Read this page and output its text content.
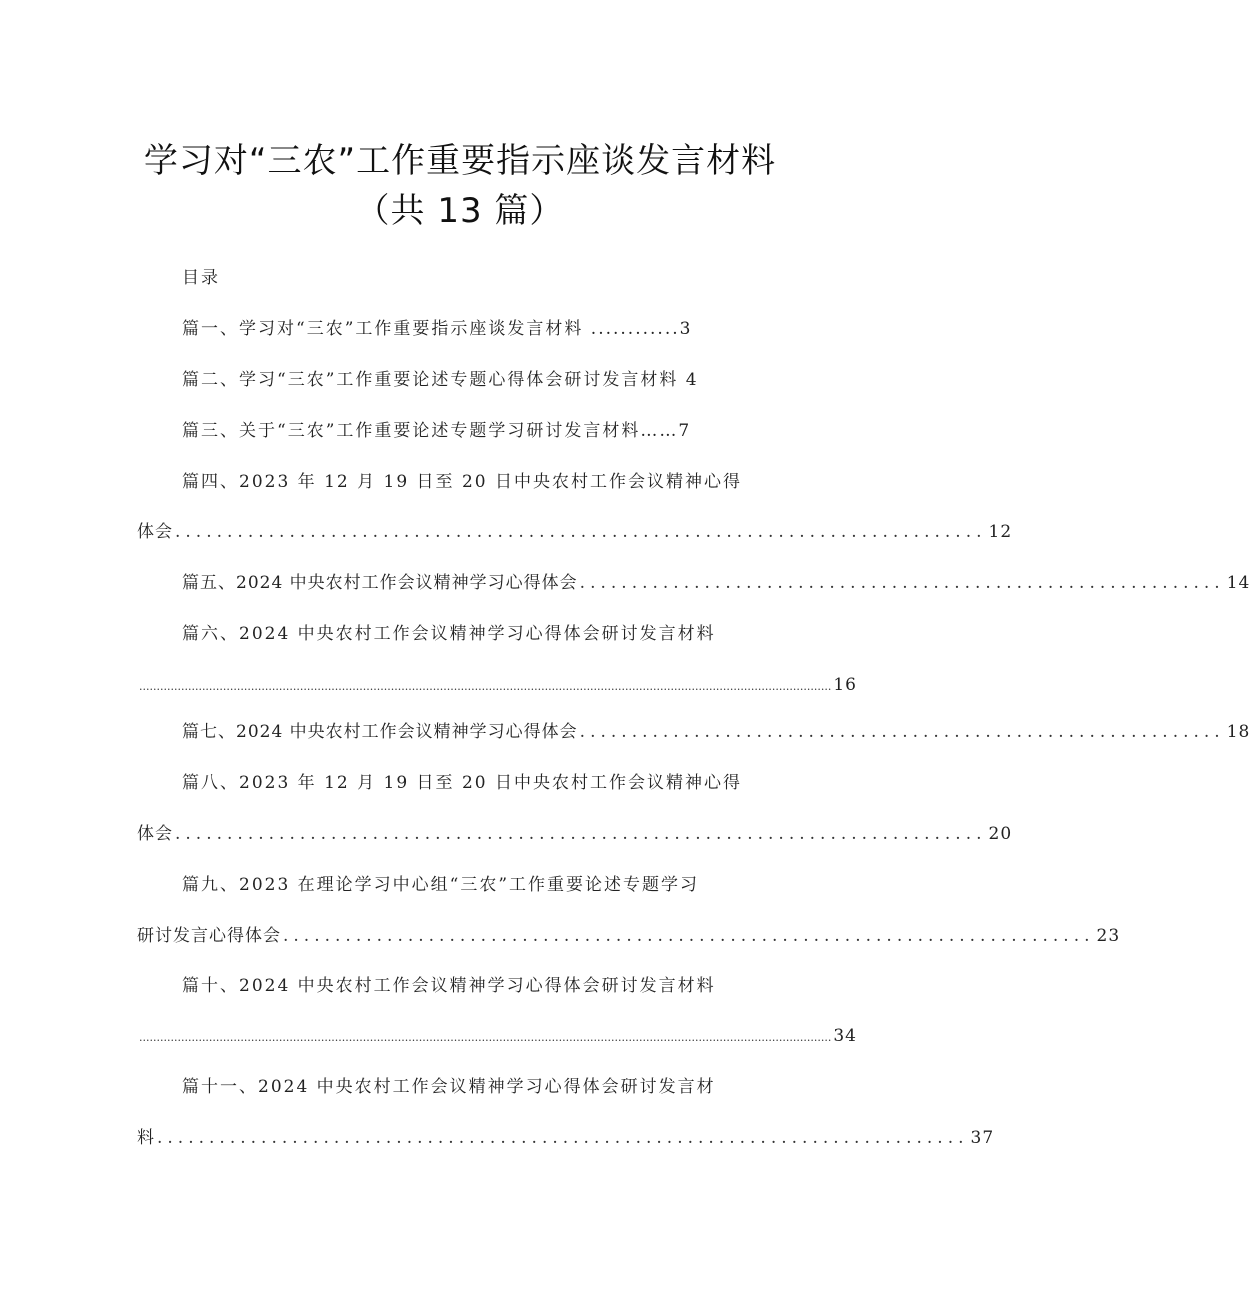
学习对“三农”工作重要指示座谈发言材料
（共 13 篇）
目录
篇一、学习对“三农”工作重要指示座谈发言材料 ............3
篇二、学习“三农”工作重要论述专题心得体会研讨发言材料 4
篇三、关于“三农”工作重要论述专题学习研讨发言材料……7
篇四、2023 年 12 月 19 日至 20 日中央农村工作会议精神心得
体会 .............................................................................. 12
篇五、2024 中央农村工作会议精神学习心得体会 .............................................................. 14
篇六、2024 中央农村工作会议精神学习心得体会研讨发言材料
...................................................................................................................................................................................................... 16
篇七、2024 中央农村工作会议精神学习心得体会 .............................................................. 18
篇八、2023 年 12 月 19 日至 20 日中央农村工作会议精神心得
体会 .............................................................................. 20
篇九、2023 在理论学习中心组“三农”工作重要论述专题学习
研讨发言心得体会 .............................................................................. 23
篇十、2024 中央农村工作会议精神学习心得体会研讨发言材料
...................................................................................................................................................................................................... 34
篇十一、2024 中央农村工作会议精神学习心得体会研讨发言材
料 .............................................................................. 37
